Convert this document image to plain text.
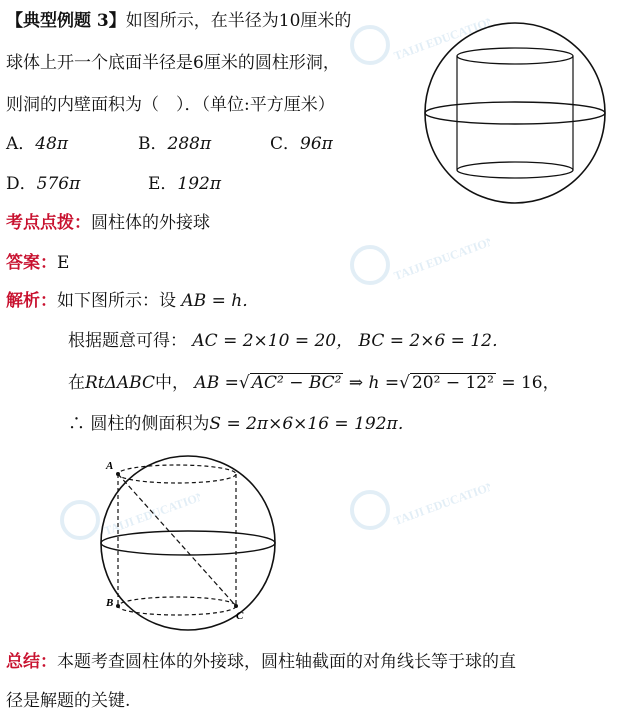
TAIJI EDUCATION
TAIJI EDUCATION
TAIJI EDUCATION	TAIJI EDUCATION
【典型例题 3】如图所示，在半径为10厘米的
球体上开一个底面半径是6厘米的圆柱形洞，
则洞的内壁面积为（　）．（单位:平方厘米）
A．48π	B．288π	C．96π
D．576π	E．192π
考点点拨：圆柱体的外接球
答案：E
解析：如下图所示：设 AB = h．
根据题意可得： AC = 2×10 = 20， BC = 2×6 = 12．
在RtΔABC中， AB =√ AC² − BC² ⇒ h =√ 20² − 12² = 16，
∴ 圆柱的侧面积为S = 2π×6×16 = 192π．
A
B
C
总结：本题考查圆柱体的外接球，圆柱轴截面的对角线长等于球的直
径是解题的关键.
